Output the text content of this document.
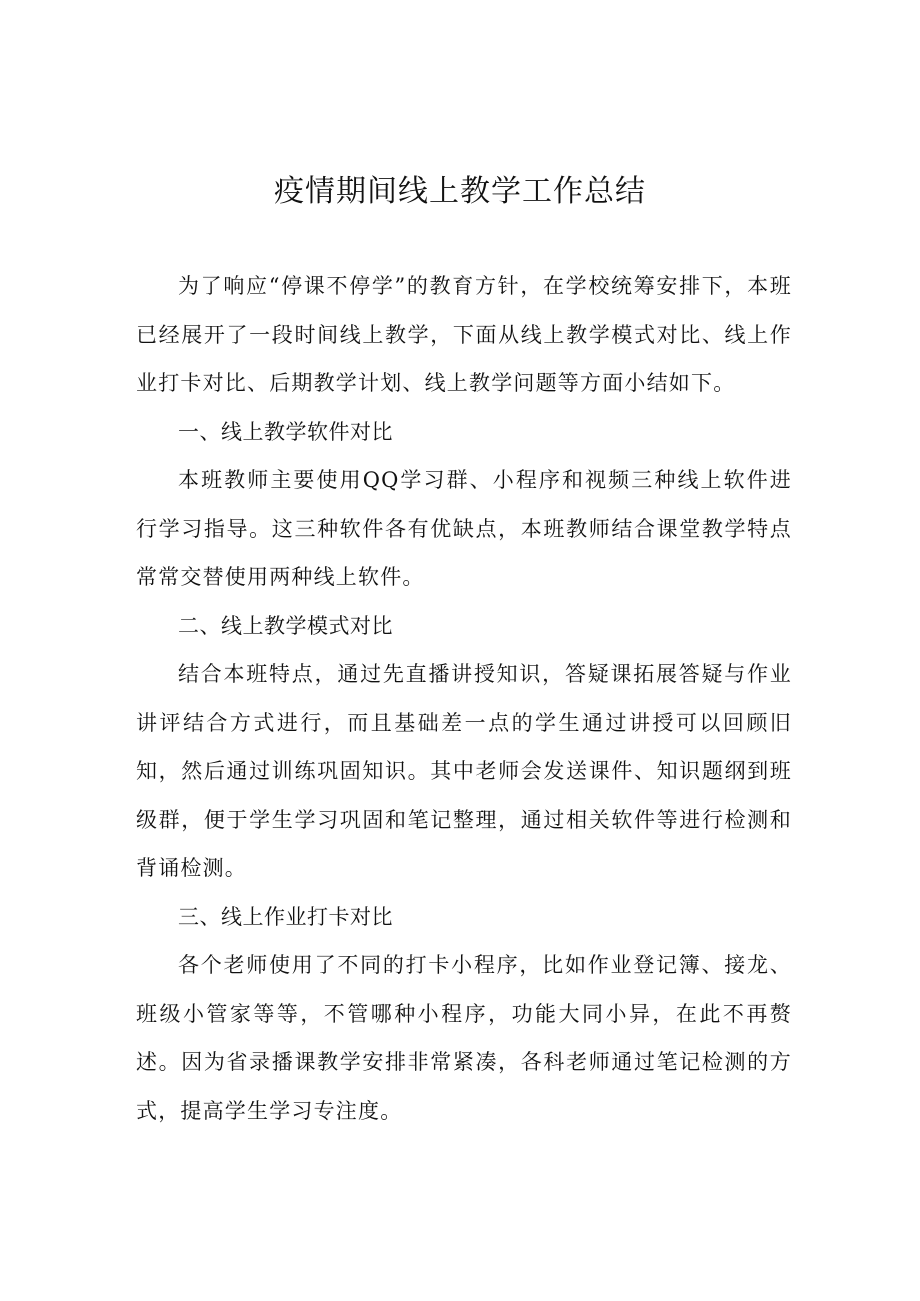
疫情期间线上教学工作总结

为了响应“停课不停学”的教育方针，在学校统筹安排下，本班已经展开了一段时间线上教学，下面从线上教学模式对比、线上作业打卡对比、后期教学计划、线上教学问题等方面小结如下。

一、线上教学软件对比

本班教师主要使用QQ学习群、小程序和视频三种线上软件进行学习指导。这三种软件各有优缺点，本班教师结合课堂教学特点常常交替使用两种线上软件。

二、线上教学模式对比

结合本班特点，通过先直播讲授知识，答疑课拓展答疑与作业讲评结合方式进行，而且基础差一点的学生通过讲授可以回顾旧知，然后通过训练巩固知识。其中老师会发送课件、知识题纲到班级群，便于学生学习巩固和笔记整理，通过相关软件等进行检测和背诵检测。

三、线上作业打卡对比

各个老师使用了不同的打卡小程序，比如作业登记簿、接龙、班级小管家等等，不管哪种小程序，功能大同小异，在此不再赘述。因为省录播课教学安排非常紧凑，各科老师通过笔记检测的方式，提高学生学习专注度。
